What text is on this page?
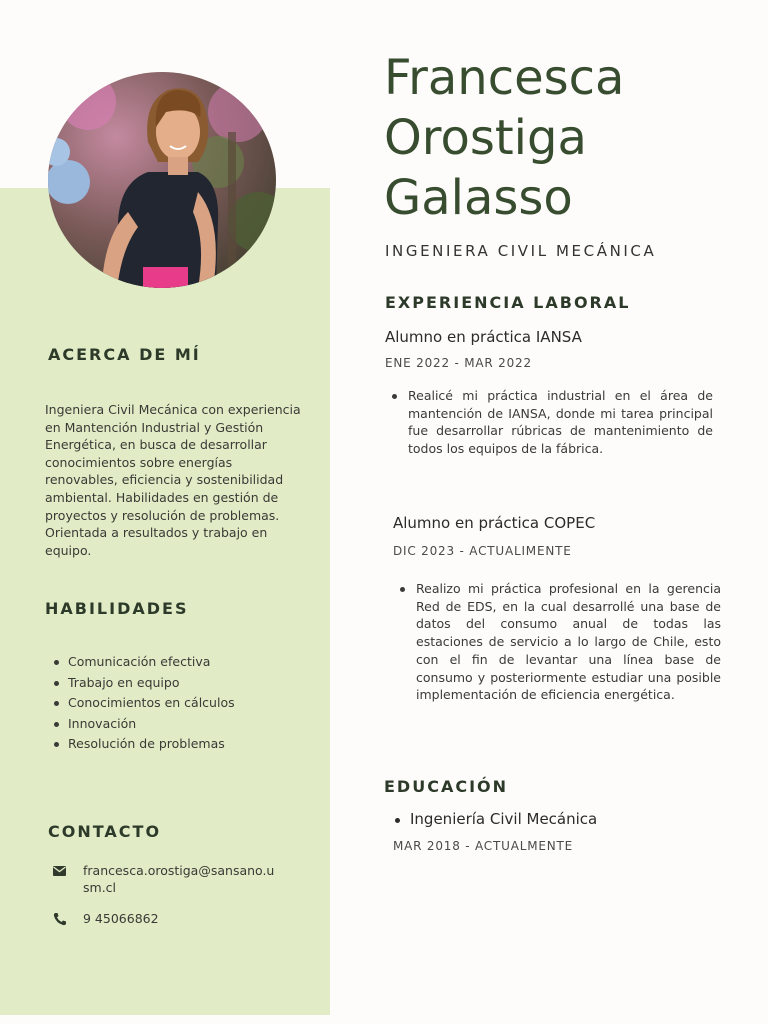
ACERCA DE MÍ
Ingeniera Civil Mecánica con experiencia en Mantención Industrial y Gestión Energética, en busca de desarrollar conocimientos sobre energías renovables, eficiencia y sostenibilidad ambiental. Habilidades en gestión de proyectos y resolución de problemas. Orientada a resultados y trabajo en equipo.
HABILIDADES
Comunicación efectiva
Trabajo en equipo
Conocimientos en cálculos
Innovación
Resolución de problemas
CONTACTO
francesca.orostiga@sansano.usm.cl
9 45066862
Francesca
Orostiga
Galasso
INGENIERA CIVIL MECÁNICA
EXPERIENCIA LABORAL
Alumno en práctica IANSA
ENE 2022 - MAR 2022
Realicé mi práctica industrial en el área de mantención de IANSA, donde mi tarea principal fue desarrollar rúbricas de mantenimiento de todos los equipos de la fábrica.
Alumno en práctica COPEC
DIC 2023 - ACTUALIMENTE
Realizo mi práctica profesional en la gerencia Red de EDS, en la cual desarrollé una base de datos del consumo anual de todas las estaciones de servicio a lo largo de Chile, esto con el fin de levantar una línea base de consumo y posteriormente estudiar una posible implementación de eficiencia energética.
EDUCACIÓN
Ingeniería Civil Mecánica
MAR 2018 - ACTUALMENTE
